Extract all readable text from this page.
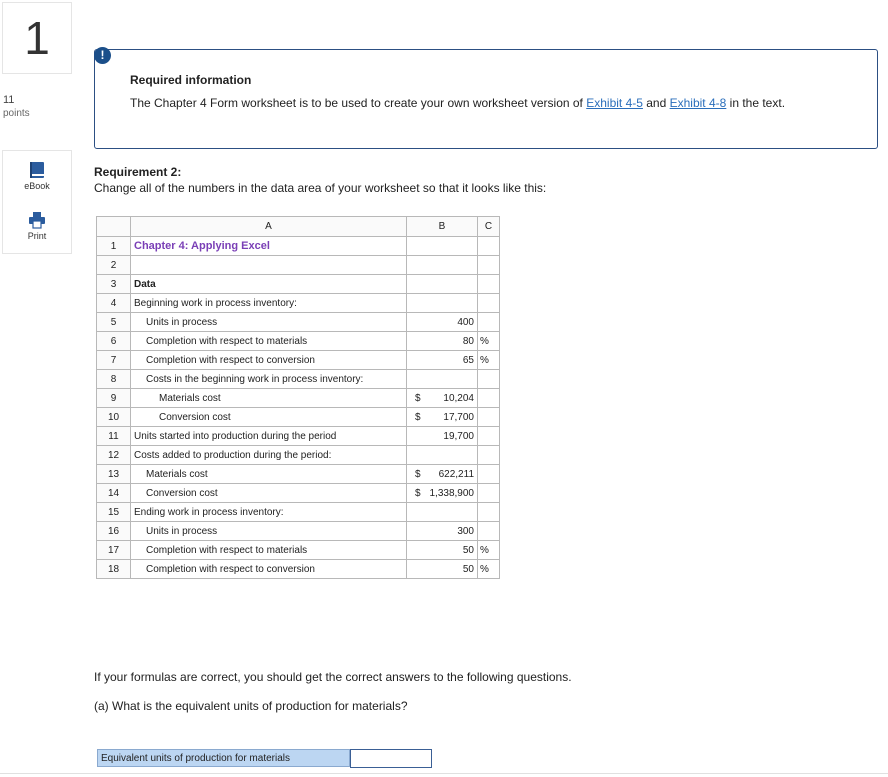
1
11
points
eBook
Print
!
Required information
The Chapter 4 Form worksheet is to be used to create your own worksheet version of Exhibit 4-5 and Exhibit 4-8 in the text.
Requirement 2:
Change all of the numbers in the data area of your worksheet so that it looks like this:
	A	B	C
1	Chapter 4: Applying Excel	

2		

3	Data	

4	Beginning work in process inventory:	

5	Units in process	400	

6	Completion with respect to materials	80	%
7	Completion with respect to conversion	65	%
8	Costs in the beginning work in process inventory:	

9	Materials cost	$ 10,204	

10	Conversion cost	$ 17,700	

11	Units started into production during the period	19,700	

12	Costs added to production during the period:	

13	Materials cost	$ 622,211	

14	Conversion cost	$ 1,338,900	

15	Ending work in process inventory:	

16	Units in process	300	

17	Completion with respect to materials	50	%
18	Completion with respect to conversion	50	%
If your formulas are correct, you should get the correct answers to the following questions.
(a) What is the equivalent units of production for materials?
Equivalent units of production for materials
